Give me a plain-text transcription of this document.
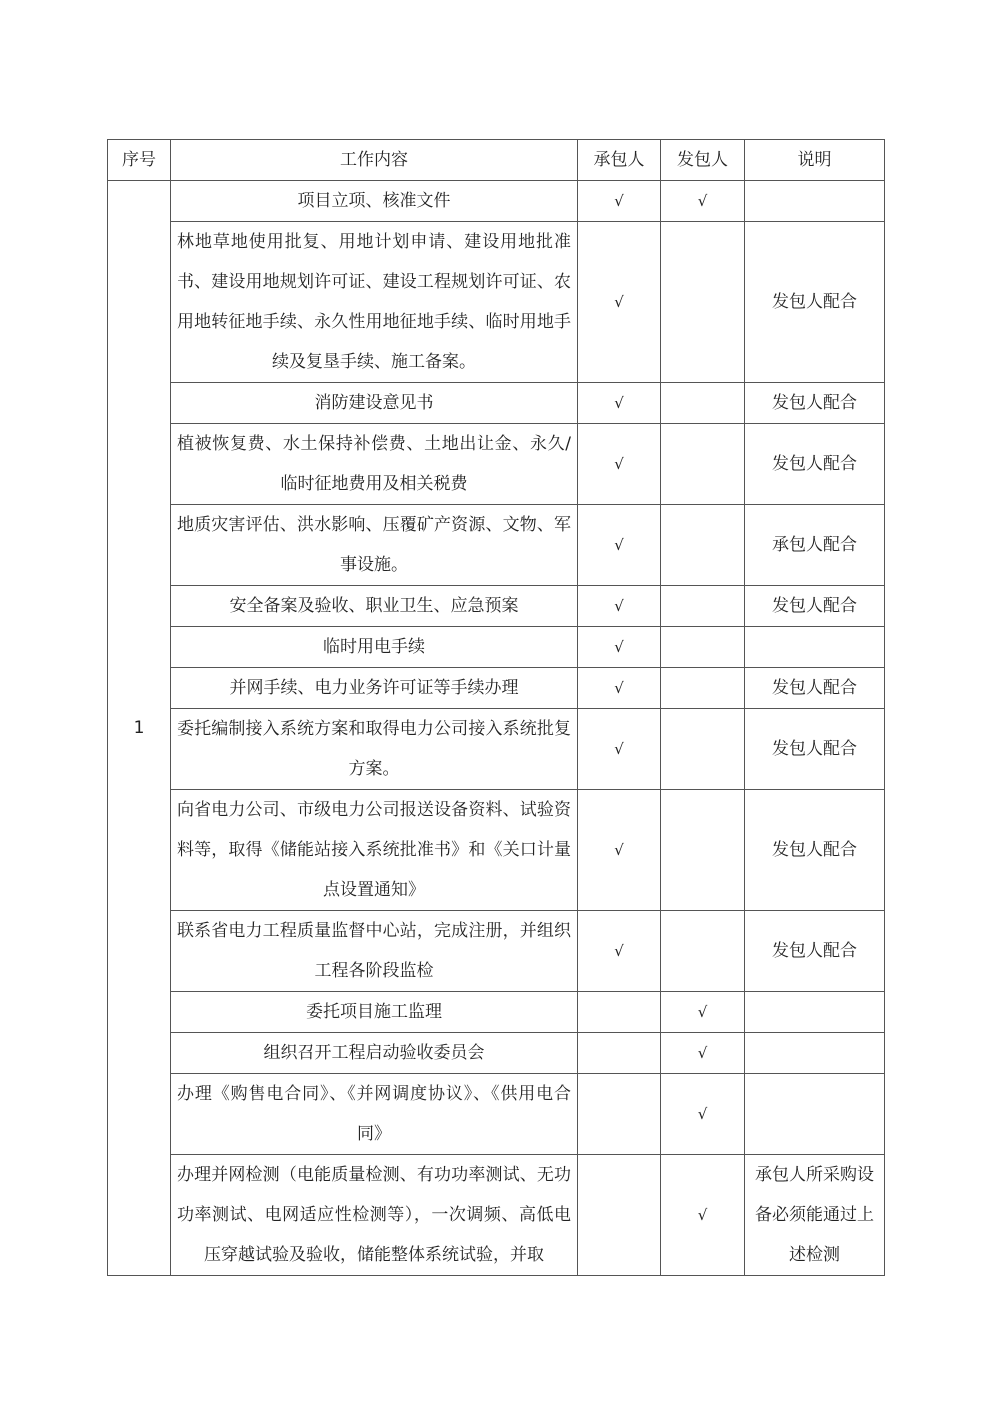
序号	工作内容	承包人	发包人	说明
1	项目立项、核准文件	√	√	
	林地草地使用批复、用地计划申请、建设用地批准书、建设用地规划许可证、建设工程规划许可证、农用地转征地手续、永久性用地征地手续、临时用地手续及复垦手续、施工备案。	√		发包人配合
	消防建设意见书	√		发包人配合
	植被恢复费、水土保持补偿费、土地出让金、永久/临时征地费用及相关税费	√		发包人配合
	地质灾害评估、洪水影响、压覆矿产资源、文物、军事设施。	√		承包人配合
	安全备案及验收、职业卫生、应急预案	√		发包人配合
	临时用电手续	√		
	并网手续、电力业务许可证等手续办理	√		发包人配合
	委托编制接入系统方案和取得电力公司接入系统批复方案。	√		发包人配合
	向省电力公司、市级电力公司报送设备资料、试验资料等，取得《储能站接入系统批准书》和《关口计量点设置通知》	√		发包人配合
	联系省电力工程质量监督中心站，完成注册，并组织工程各阶段监检	√		发包人配合
	委托项目施工监理		√	
	组织召开工程启动验收委员会		√	
	办理《购售电合同》、《并网调度协议》、《供用电合同》		√	
	办理并网检测（电能质量检测、有功功率测试、无功功率测试、电网适应性检测等），一次调频、高低电压穿越试验及验收，储能整体系统试验，并取		√	承包人所采购设备必须能通过上述检测
